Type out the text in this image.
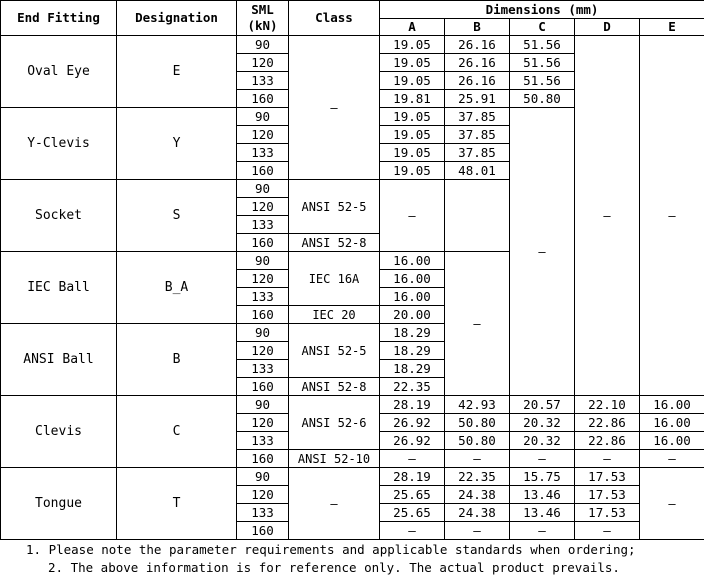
End Fitting	Designation	SML
(kN)	Class	Dimensions (mm)				
				A	B	C	D	E
Oval Eye	E	90	–	19.05	26.16	51.56	–	–
		120		19.05	26.16	51.56		
		133		19.05	26.16	51.56		
		160		19.81	25.91	50.80		
Y-Clevis	Y	90		19.05	37.85	–		
		120		19.05	37.85			
		133		19.05	37.85			
		160		19.05	48.01			
Socket	S	90	ANSI 52-5	–				
		120						
		133						
		160	ANSI 52-8					
IEC Ball	B_A	90	IEC 16A	16.00	–			
		120		16.00				
		133		16.00				
		160	IEC 20	20.00				
ANSI Ball	B	90	ANSI 52-5	18.29				
		120		18.29				
		133		18.29				
		160	ANSI 52-8	22.35				
Clevis	C	90	ANSI 52-6	28.19	42.93	20.57	22.10	16.00
		120		26.92	50.80	20.32	22.86	16.00
		133		26.92	50.80	20.32	22.86	16.00
		160	ANSI 52-10	–	–	–	–	–
Tongue	T	90	–	28.19	22.35	15.75	17.53	–
		120		25.65	24.38	13.46	17.53	
		133		25.65	24.38	13.46	17.53	
		160		–	–	–	–	
1. Please note the parameter requirements and applicable standards when ordering;
2. The above information is for reference only. The actual product prevails.
